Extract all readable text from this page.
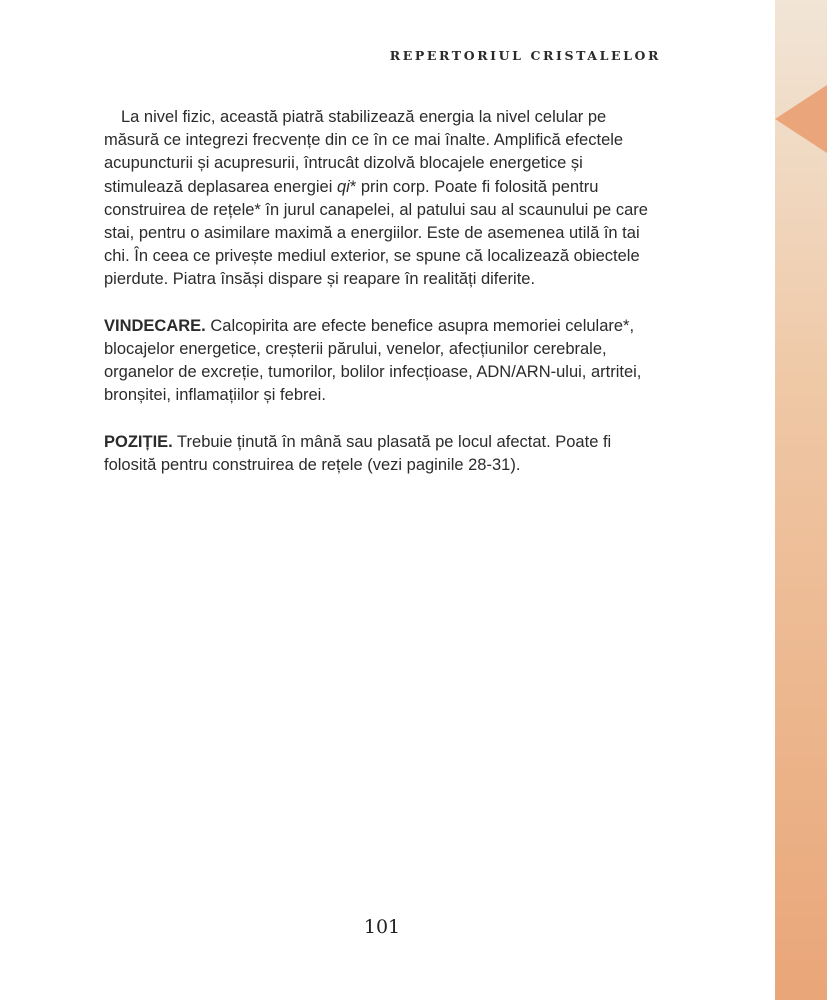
REPERTORIUL CRISTALELOR

La nivel fizic, această piatră stabilizează energia la nivel celular pe măsură ce integrezi frecvențe din ce în ce mai înalte. Amplifică efectele acupuncturii și acupresurii, întrucât dizolvă blocajele energetice și stimulează deplasarea energiei qi* prin corp. Poate fi folosită pentru construirea de rețele* în jurul canapelei, al patului sau al scaunului pe care stai, pentru o asimilare maximă a energiilor. Este de asemenea utilă în tai chi. În ceea ce privește mediul exterior, se spune că localizează obiectele pierdute. Piatra însăși dispare și reapare în realități diferite.

VINDECARE. Calcopirita are efecte benefice asupra memoriei celulare*, blocajelor energetice, creșterii părului, venelor, afecțiunilor cerebrale, organelor de excreție, tumorilor, bolilor infecțioase, ADN/ARN-ului, artritei, bronșitei, inflamațiilor și febrei.

POZIȚIE. Trebuie ținută în mână sau plasată pe locul afectat. Poate fi folosită pentru construirea de rețele (vezi paginile 28-31).

101
